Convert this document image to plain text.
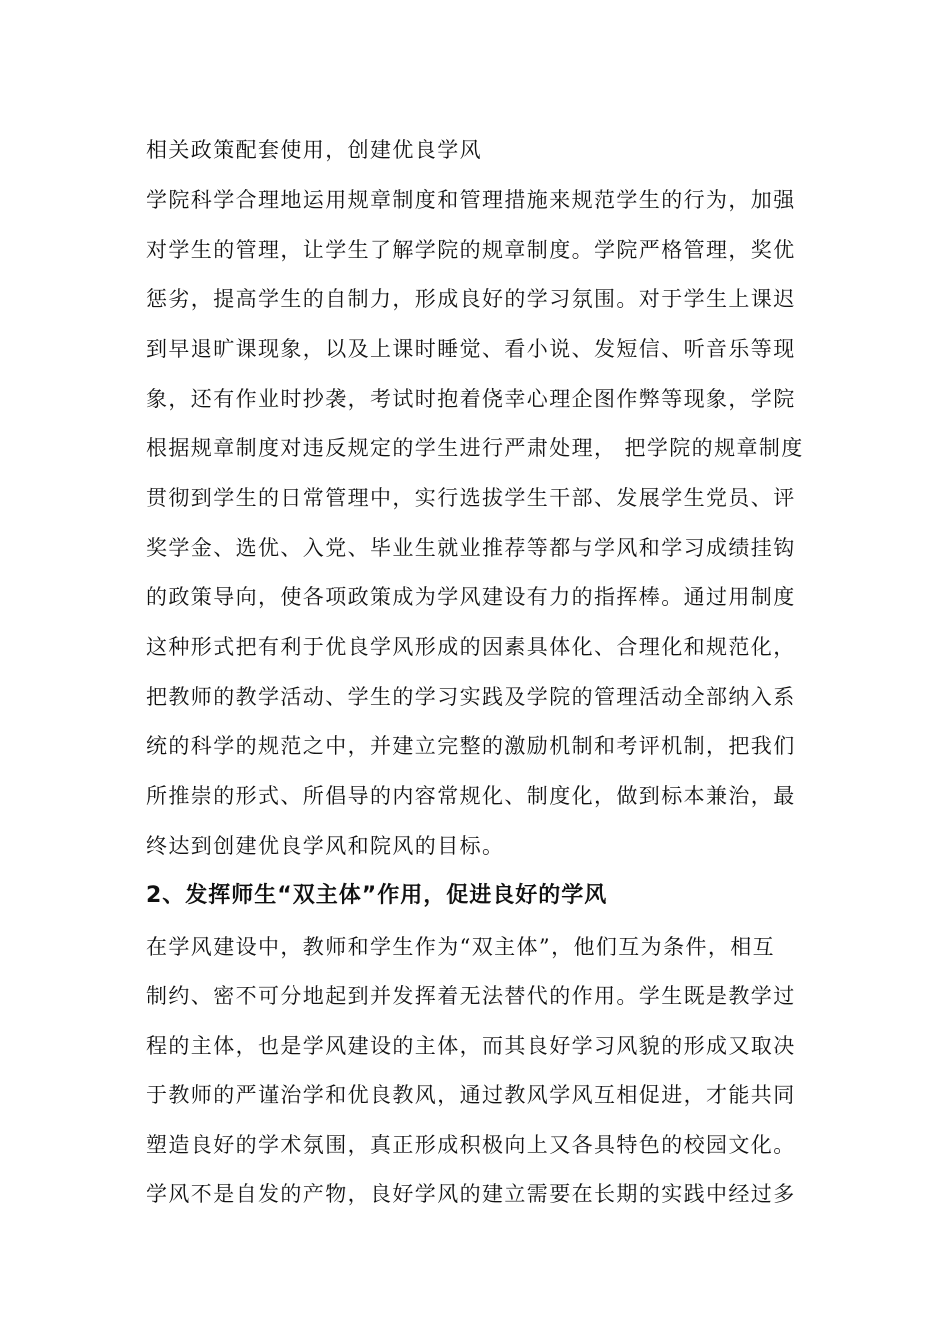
相关政策配套使用，创建优良学风
学院科学合理地运用规章制度和管理措施来规范学生的行为，加强
对学生的管理，让学生了解学院的规章制度。学院严格管理，奖优
惩劣，提高学生的自制力，形成良好的学习氛围。对于学生上课迟
到早退旷课现象，以及上课时睡觉、看小说、发短信、听音乐等现
象，还有作业时抄袭，考试时抱着侥幸心理企图作弊等现象，学院
根据规章制度对违反规定的学生进行严肃处理， 把学院的规章制度
贯彻到学生的日常管理中，实行选拔学生干部、发展学生党员、评
奖学金、选优、入党、毕业生就业推荐等都与学风和学习成绩挂钩
的政策导向，使各项政策成为学风建设有力的指挥棒。通过用制度
这种形式把有利于优良学风形成的因素具体化、合理化和规范化，
把教师的教学活动、学生的学习实践及学院的管理活动全部纳入系
统的科学的规范之中，并建立完整的激励机制和考评机制，把我们
所推崇的形式、所倡导的内容常规化、制度化，做到标本兼治，最
终达到创建优良学风和院风的目标。
2、发挥师生“双主体”作用，促进良好的学风
在学风建设中，教师和学生作为“双主体”，他们互为条件，相互
制约、密不可分地起到并发挥着无法替代的作用。学生既是教学过
程的主体，也是学风建设的主体，而其良好学习风貌的形成又取决
于教师的严谨治学和优良教风，通过教风学风互相促进，才能共同
塑造良好的学术氛围，真正形成积极向上又各具特色的校园文化。
学风不是自发的产物，良好学风的建立需要在长期的实践中经过多
